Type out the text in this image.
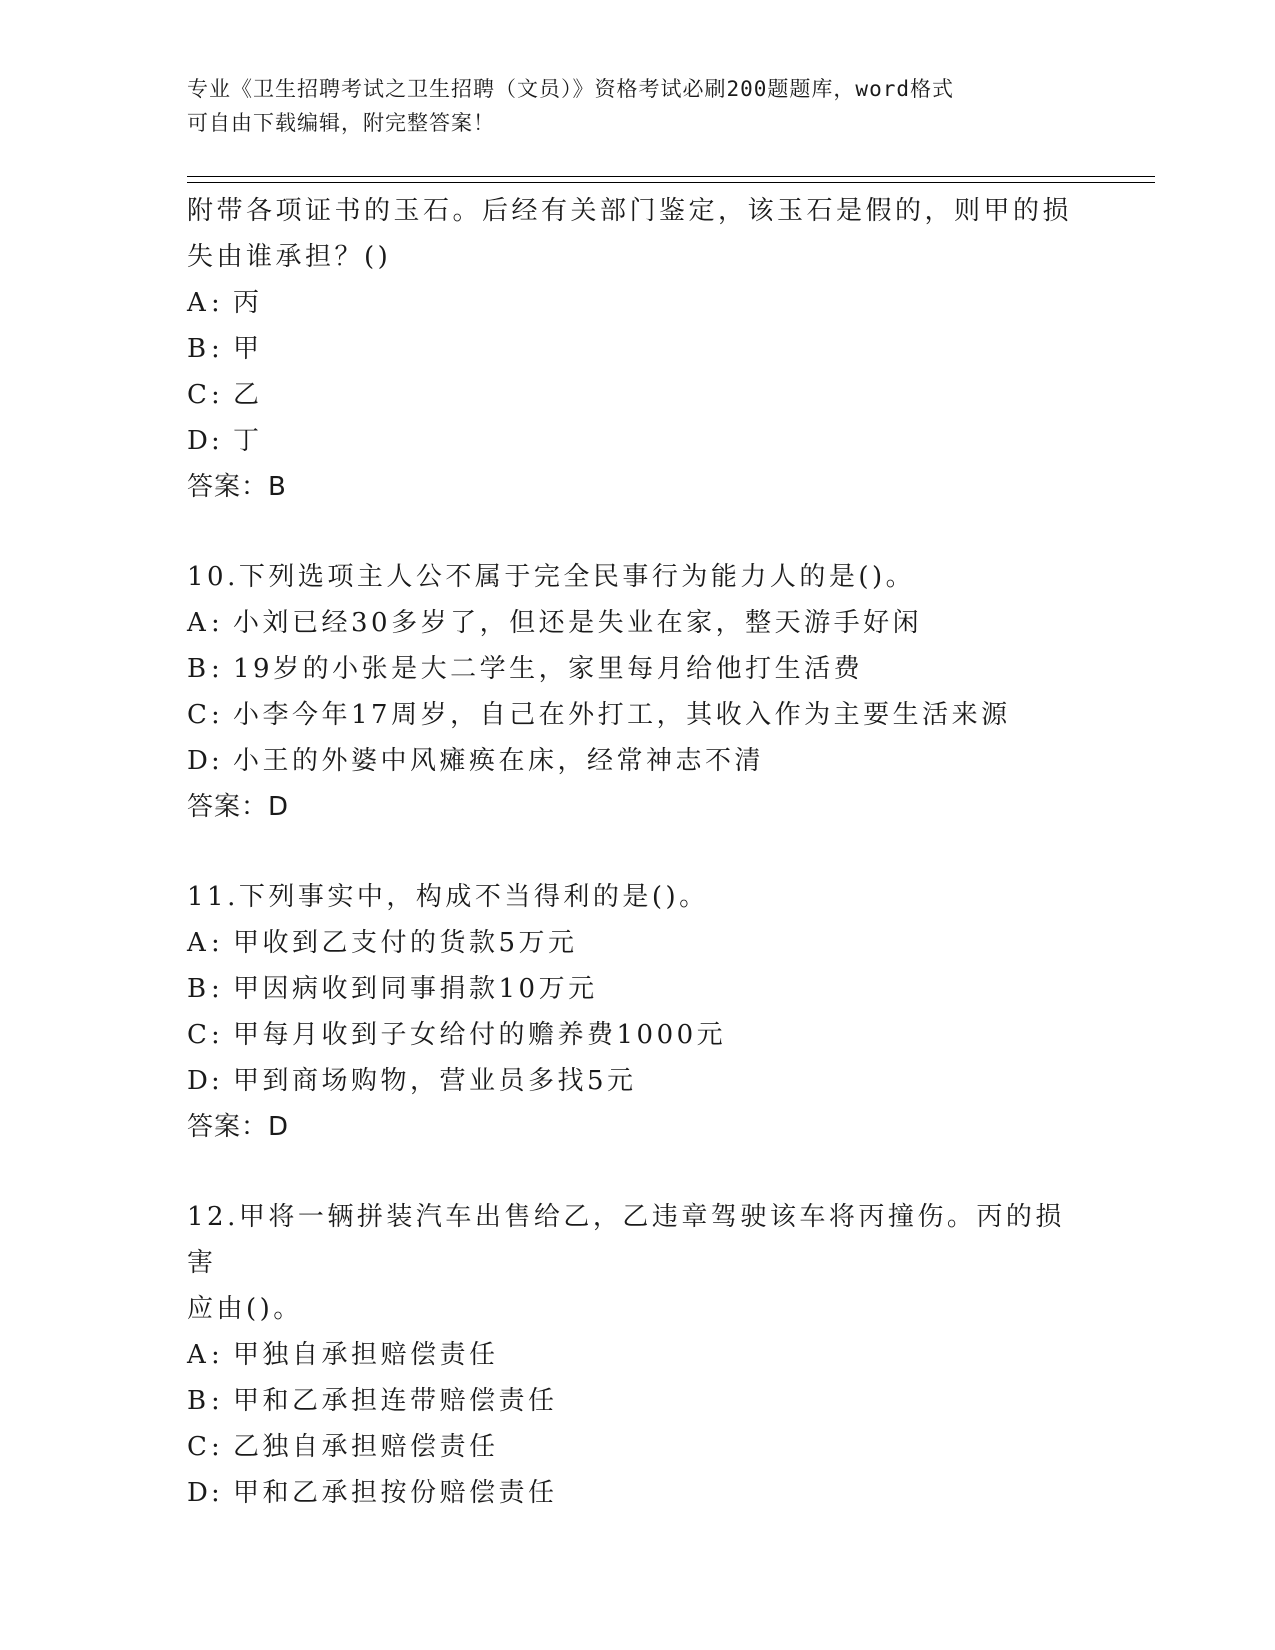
专业《卫生招聘考试之卫生招聘（文员）》资格考试必刷200题题库，word格式
可自由下载编辑，附完整答案！

附带各项证书的玉石。后经有关部门鉴定，该玉石是假的，则甲的损

失由谁承担？()

A: 丙

B: 甲

C: 乙

D: 丁

答案：B

10.下列选项主人公不属于完全民事行为能力人的是()。

A: 小刘已经30多岁了，但还是失业在家，整天游手好闲

B: 19岁的小张是大二学生，家里每月给他打生活费

C: 小李今年17周岁，自己在外打工，其收入作为主要生活来源

D: 小王的外婆中风瘫痪在床，经常神志不清

答案：D

11.下列事实中，构成不当得利的是()。

A: 甲收到乙支付的货款5万元

B: 甲因病收到同事捐款10万元

C: 甲每月收到子女给付的赡养费1000元

D: 甲到商场购物，营业员多找5元

答案：D

12.甲将一辆拼装汽车出售给乙，乙违章驾驶该车将丙撞伤。丙的损害

应由()。

A: 甲独自承担赔偿责任

B: 甲和乙承担连带赔偿责任

C: 乙独自承担赔偿责任

D: 甲和乙承担按份赔偿责任
